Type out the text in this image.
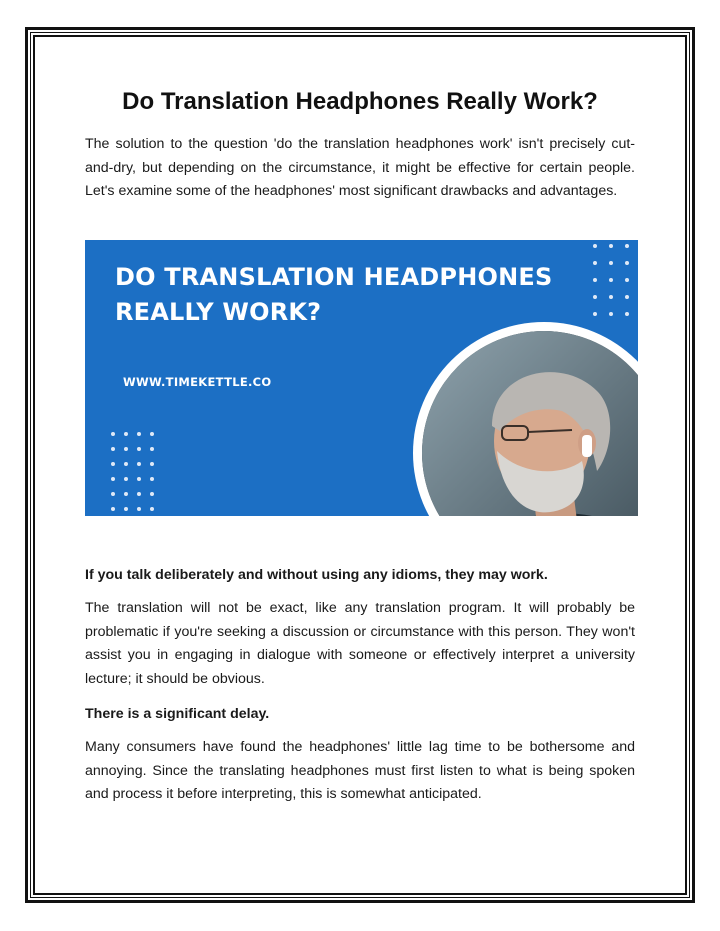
Do Translation Headphones Really Work?

The solution to the question 'do the translation headphones work' isn't precisely cut-and-dry, but depending on the circumstance, it might be effective for certain people. Let's examine some of the headphones' most significant drawbacks and advantages.

DO TRANSLATION HEADPHONES
REALLY WORK?
WWW.TIMEKETTLE.CO

If you talk deliberately and without using any idioms, they may work.

The translation will not be exact, like any translation program. It will probably be problematic if you're seeking a discussion or circumstance with this person. They won't assist you in engaging in dialogue with someone or effectively interpret a university lecture; it should be obvious.

There is a significant delay.

Many consumers have found the headphones' little lag time to be bothersome and annoying. Since the translating headphones must first listen to what is being spoken and process it before interpreting, this is somewhat anticipated.
